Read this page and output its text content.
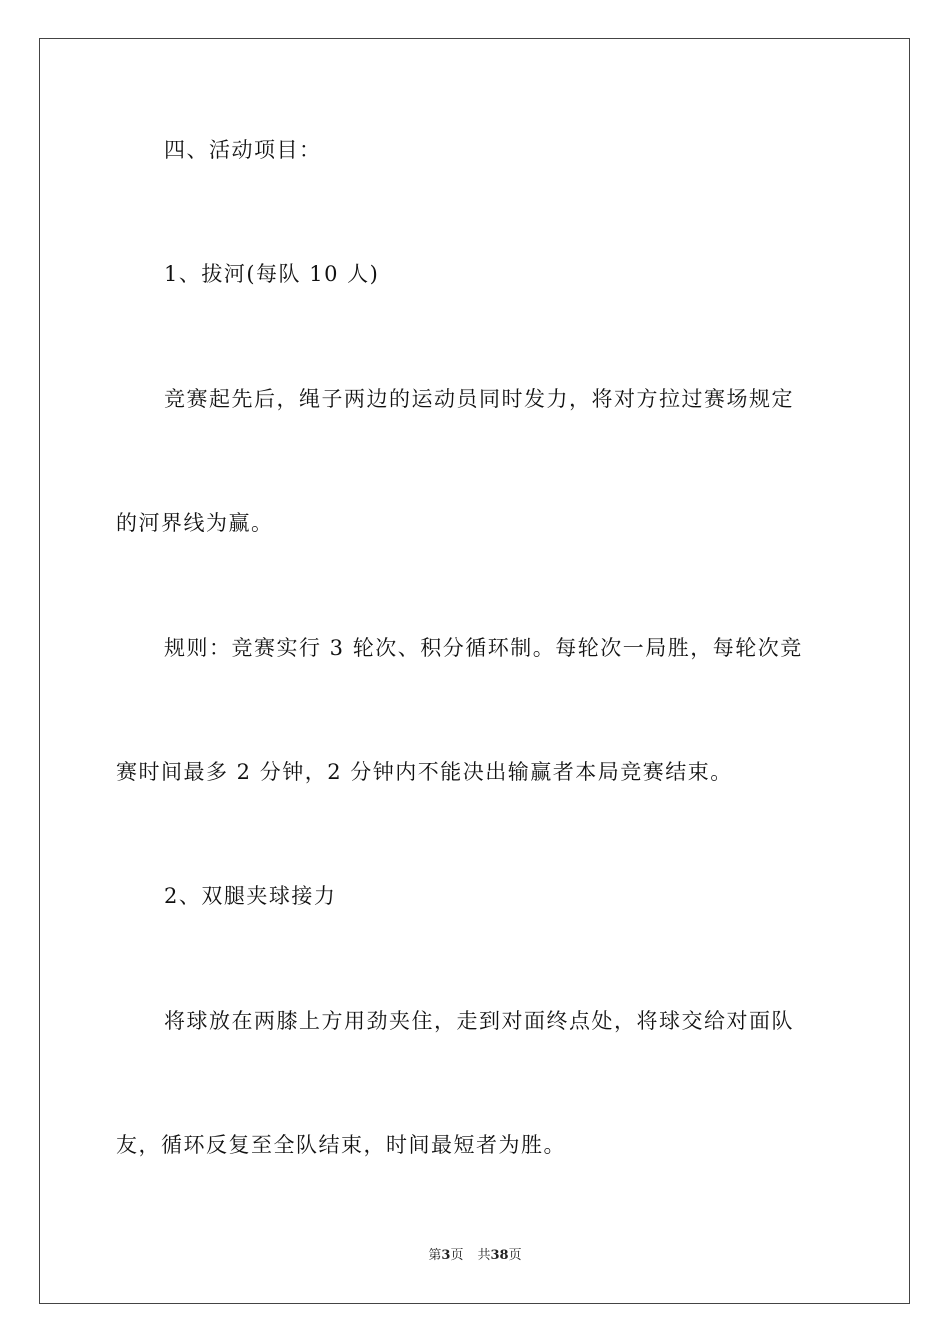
四、活动项目：
1、拔河(每队 10 人)
竞赛起先后，绳子两边的运动员同时发力，将对方拉过赛场规定
的河界线为赢。
规则：竞赛实行 3 轮次、积分循环制。每轮次一局胜，每轮次竞
赛时间最多 2 分钟，2 分钟内不能决出输赢者本局竞赛结束。
2、双腿夹球接力
将球放在两膝上方用劲夹住，走到对面终点处，将球交给对面队
友，循环反复至全队结束，时间最短者为胜。
第3页 共38页
